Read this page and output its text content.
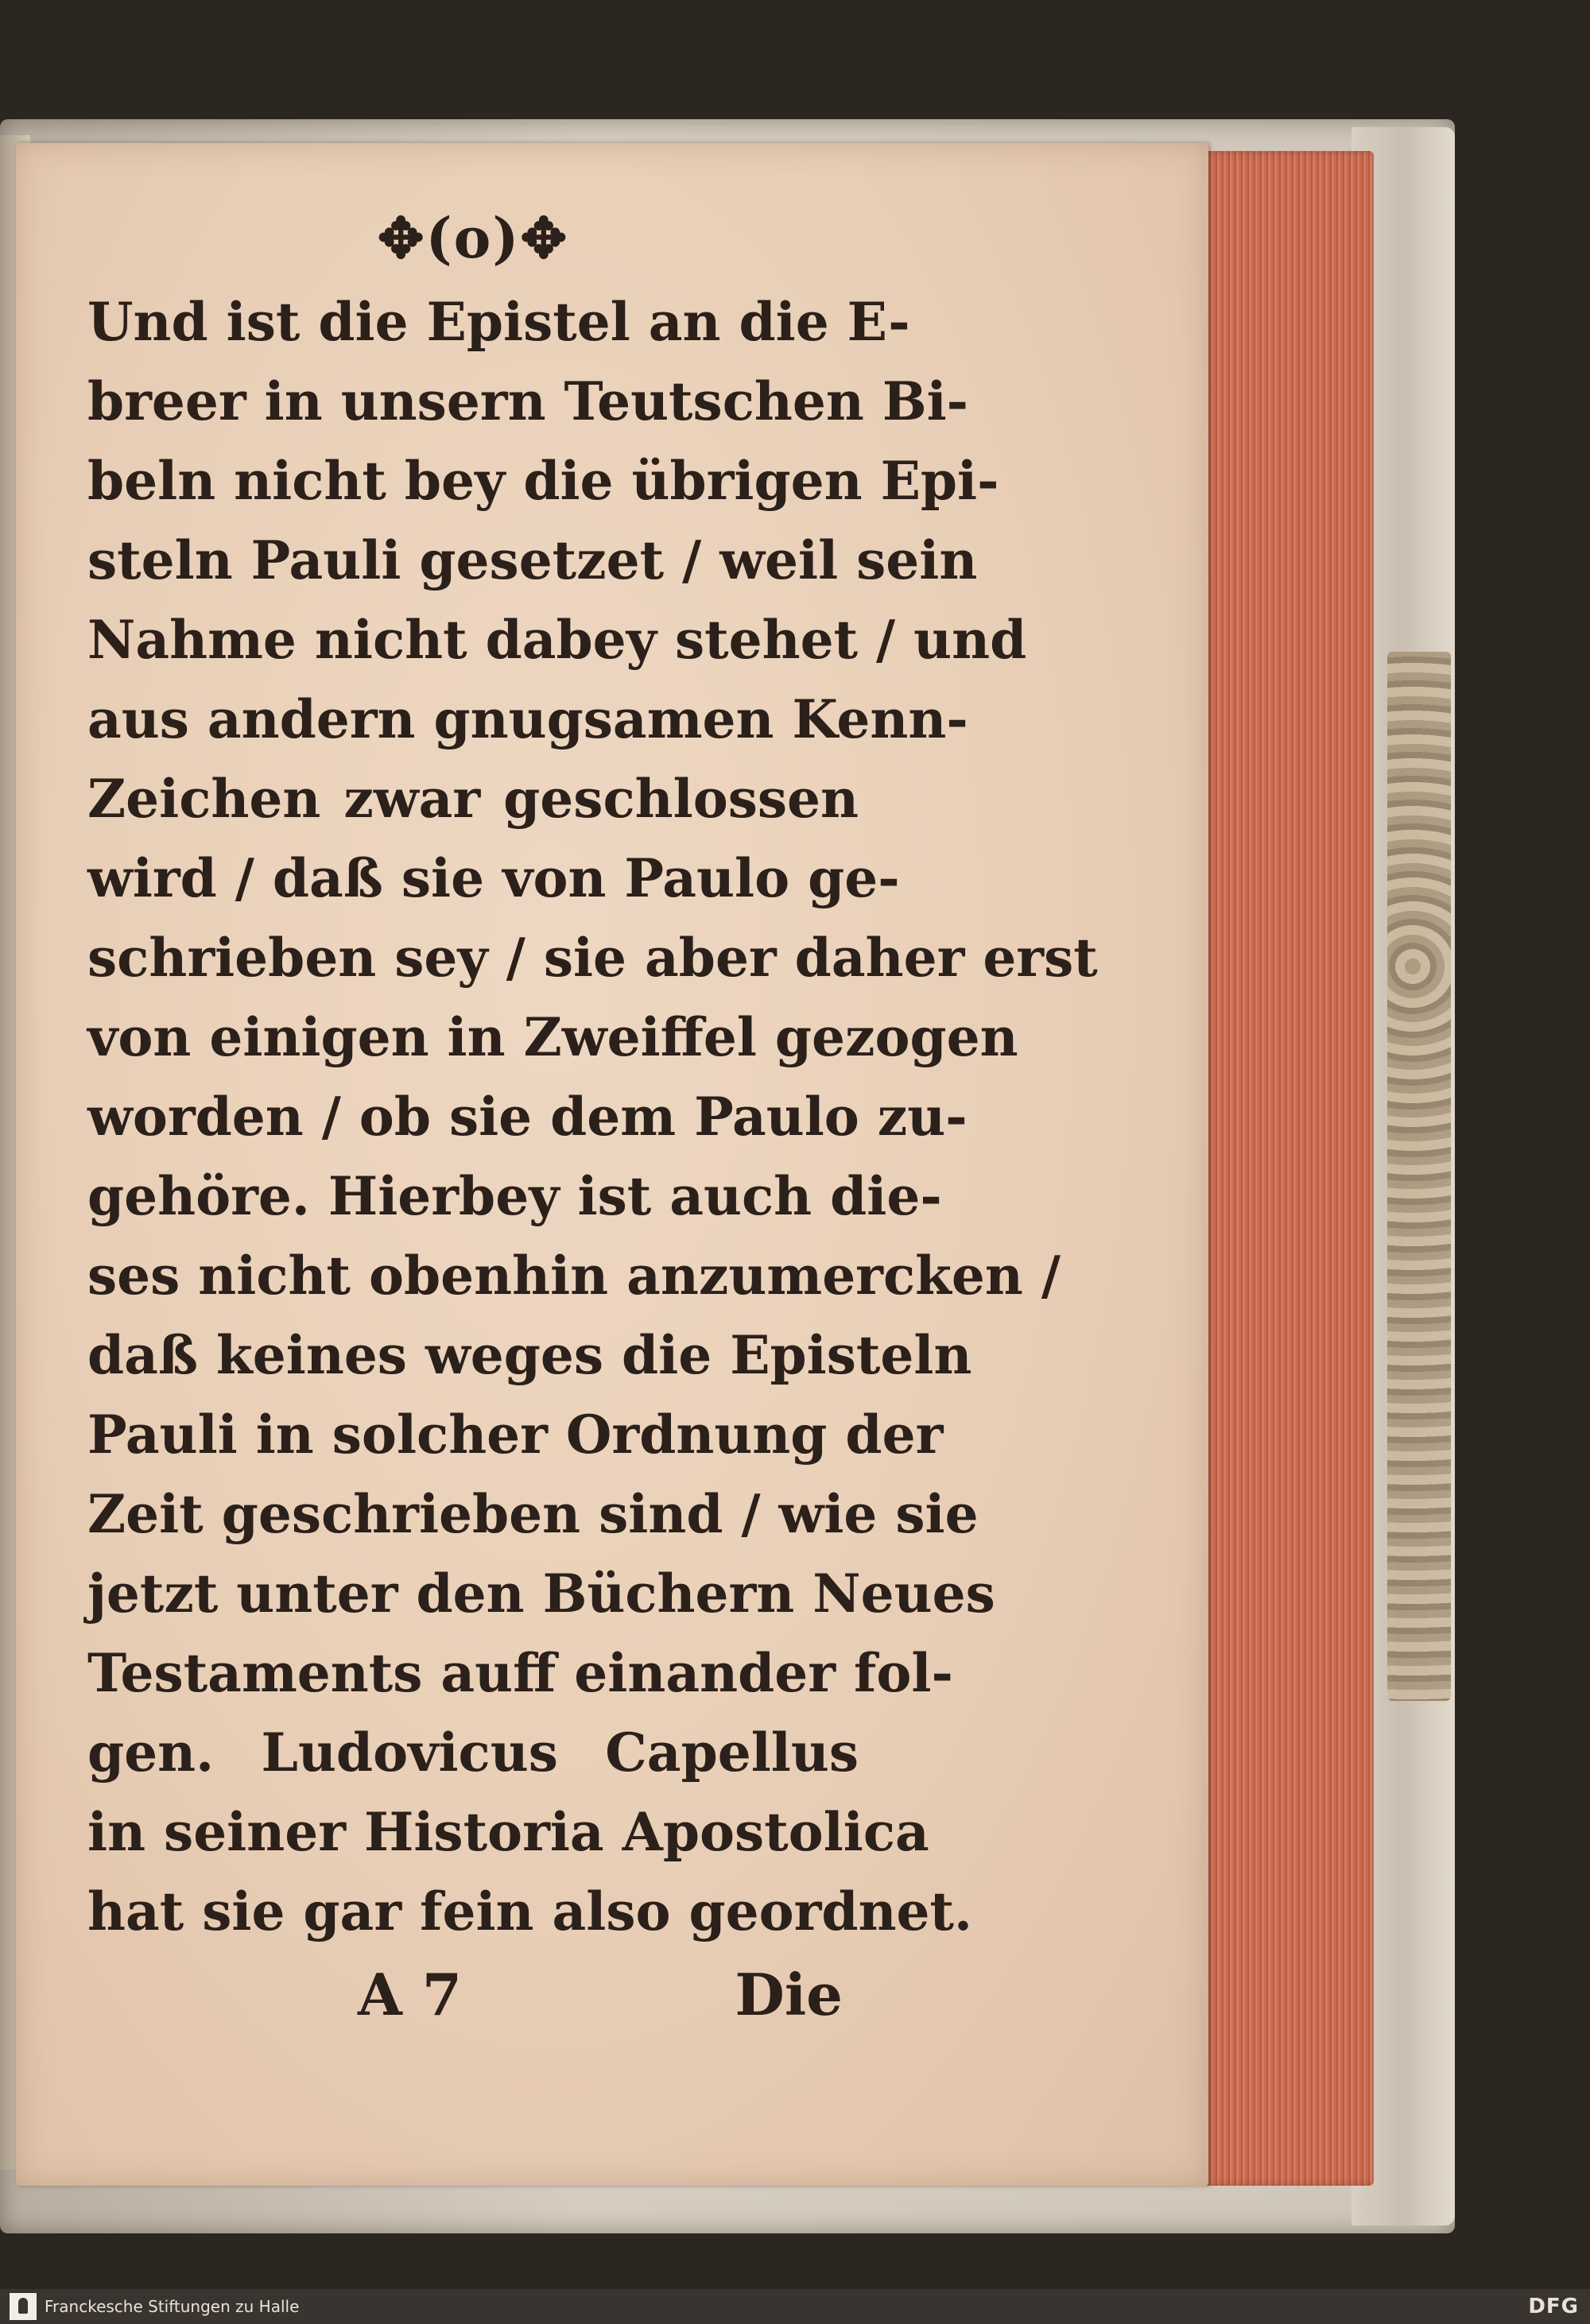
✥(o)✥
Und ist die Epistel an die E-
breer in unsern Teutschen Bi-
beln nicht bey die übrigen Epi-
steln Pauli gesetzet / weil sein
Nahme nicht dabey stehet / und
aus andern gnugsamen Kenn-
Zeichen zwar geschlossen
wird / daß sie von Paulo ge-
schrieben sey / sie aber daher erst
von einigen in Zweiffel gezogen
worden / ob sie dem Paulo zu-
gehöre. Hierbey ist auch die-
ses nicht obenhin anzumercken /
daß keines weges die Episteln
Pauli in solcher Ordnung der
Zeit geschrieben sind / wie sie
jetzt unter den Büchern Neues
Testaments auff einander fol-
gen. Ludovicus Capellus
in seiner Historia Apostolica
hat sie gar fein also geordnet.
A 7	Die
Franckesche Stiftungen zu Halle	DFG
